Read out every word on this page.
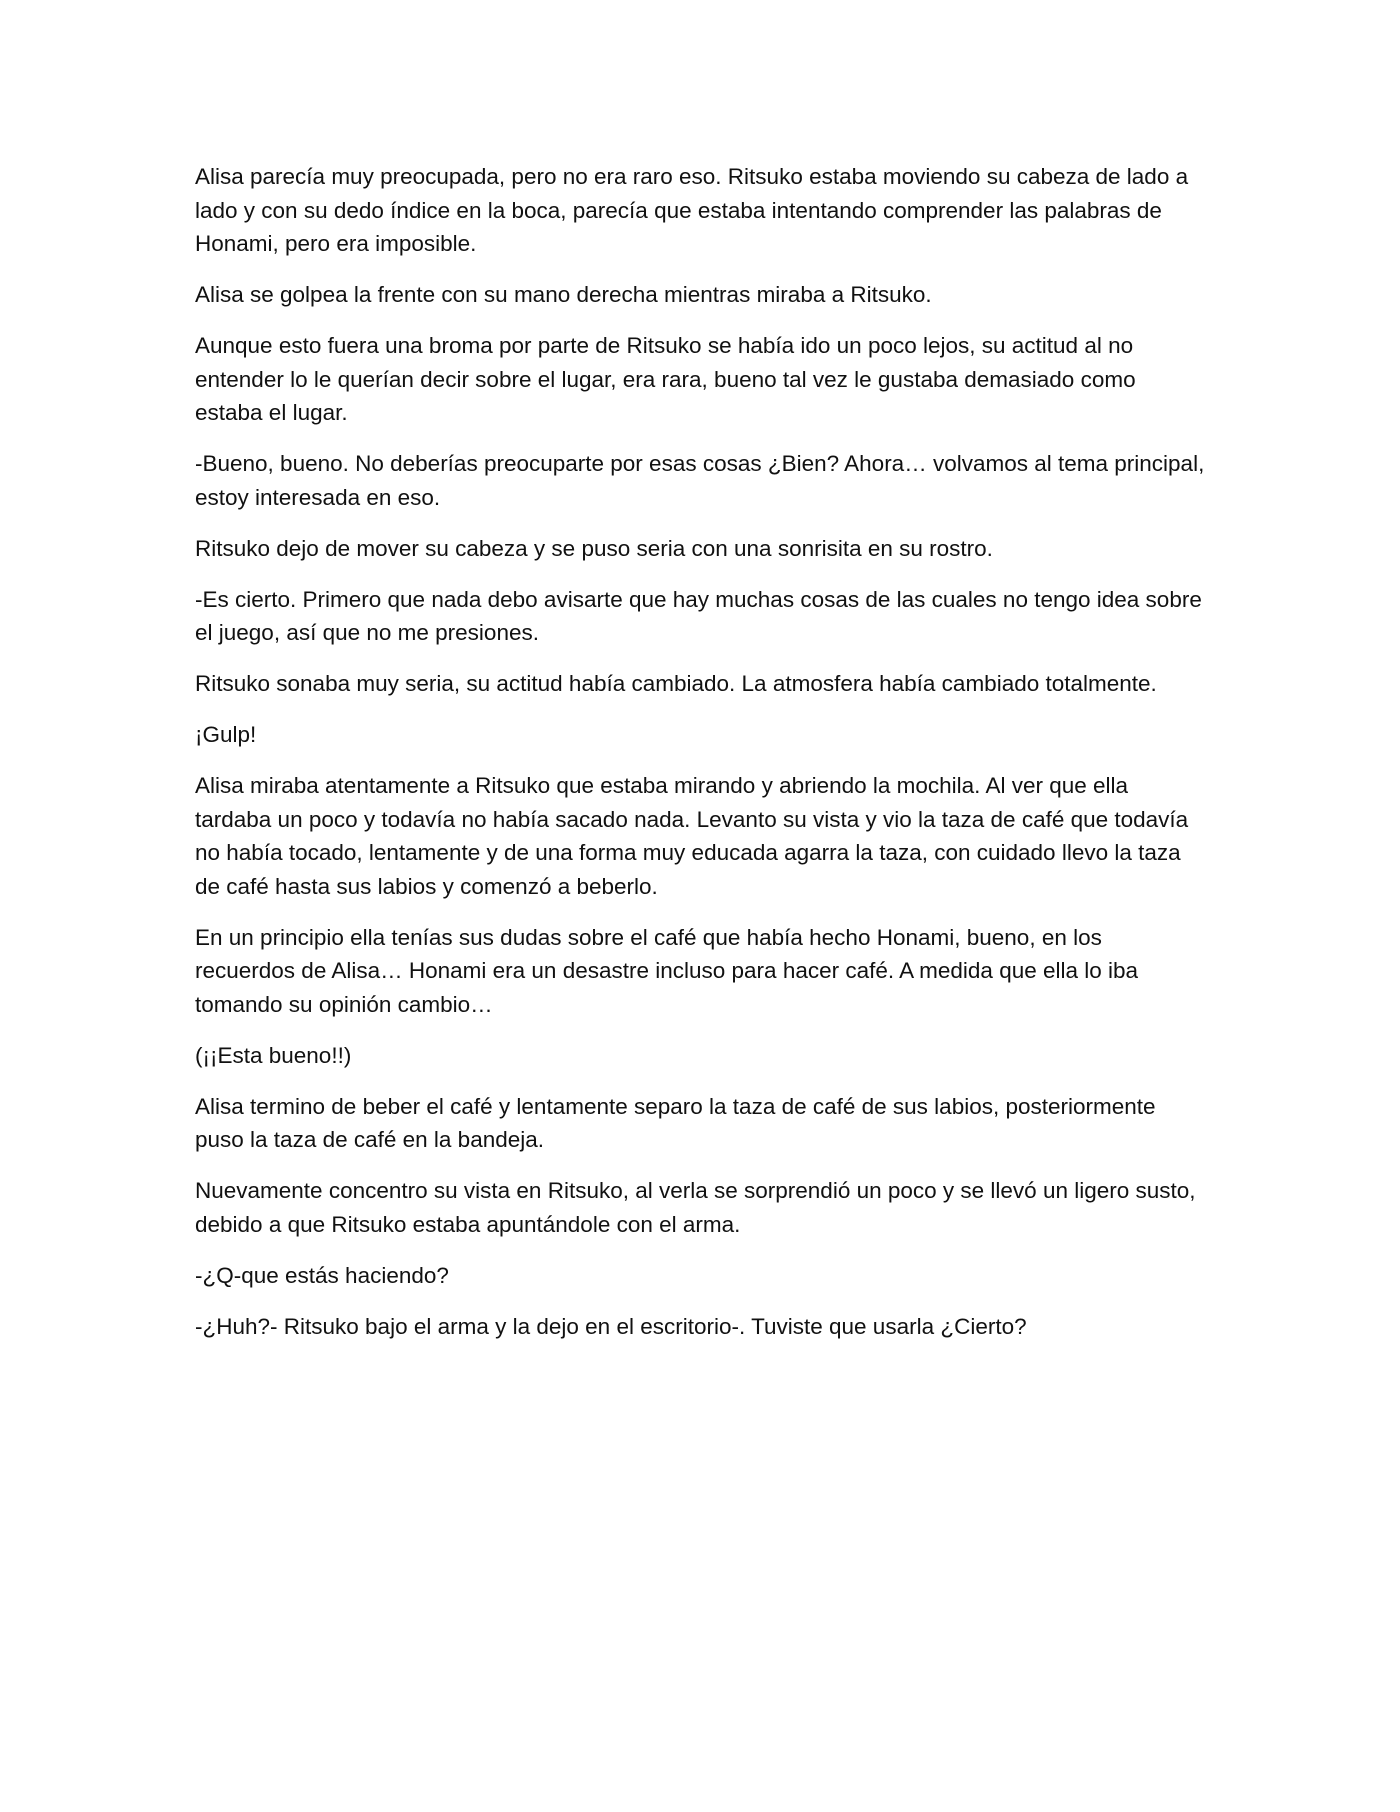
Alisa parecía muy preocupada, pero no era raro eso. Ritsuko estaba moviendo su cabeza de lado a lado y con su dedo índice en la boca, parecía que estaba intentando comprender las palabras de Honami, pero era imposible.

Alisa se golpea la frente con su mano derecha mientras miraba a Ritsuko.

Aunque esto fuera una broma por parte de Ritsuko se había ido un poco lejos, su actitud al no entender lo le querían decir sobre el lugar, era rara, bueno tal vez le gustaba demasiado como estaba el lugar.

-Bueno, bueno. No deberías preocuparte por esas cosas ¿Bien? Ahora… volvamos al tema principal, estoy interesada en eso.

Ritsuko dejo de mover su cabeza y se puso seria con una sonrisita en su rostro.

-Es cierto. Primero que nada debo avisarte que hay muchas cosas de las cuales no tengo idea sobre el juego, así que no me presiones.

Ritsuko sonaba muy seria, su actitud había cambiado. La atmosfera había cambiado totalmente.

¡Gulp!

Alisa miraba atentamente a Ritsuko que estaba mirando y abriendo la mochila. Al ver que ella tardaba un poco y todavía no había sacado nada. Levanto su vista y vio la taza de café que todavía no había tocado, lentamente y de una forma muy educada agarra la taza, con cuidado llevo la taza de café hasta sus labios y comenzó a beberlo.

En un principio ella tenías sus dudas sobre el café que había hecho Honami, bueno, en los recuerdos de Alisa… Honami era un desastre incluso para hacer café. A medida que ella lo iba tomando su opinión cambio…

(¡¡Esta bueno!!)

Alisa termino de beber el café y lentamente separo la taza de café de sus labios, posteriormente puso la taza de café en la bandeja.

Nuevamente concentro su vista en Ritsuko, al verla se sorprendió un poco y se llevó un ligero susto, debido a que Ritsuko estaba apuntándole con el arma.

-¿Q-que estás haciendo?

-¿Huh?- Ritsuko bajo el arma y la dejo en el escritorio-. Tuviste que usarla ¿Cierto?
